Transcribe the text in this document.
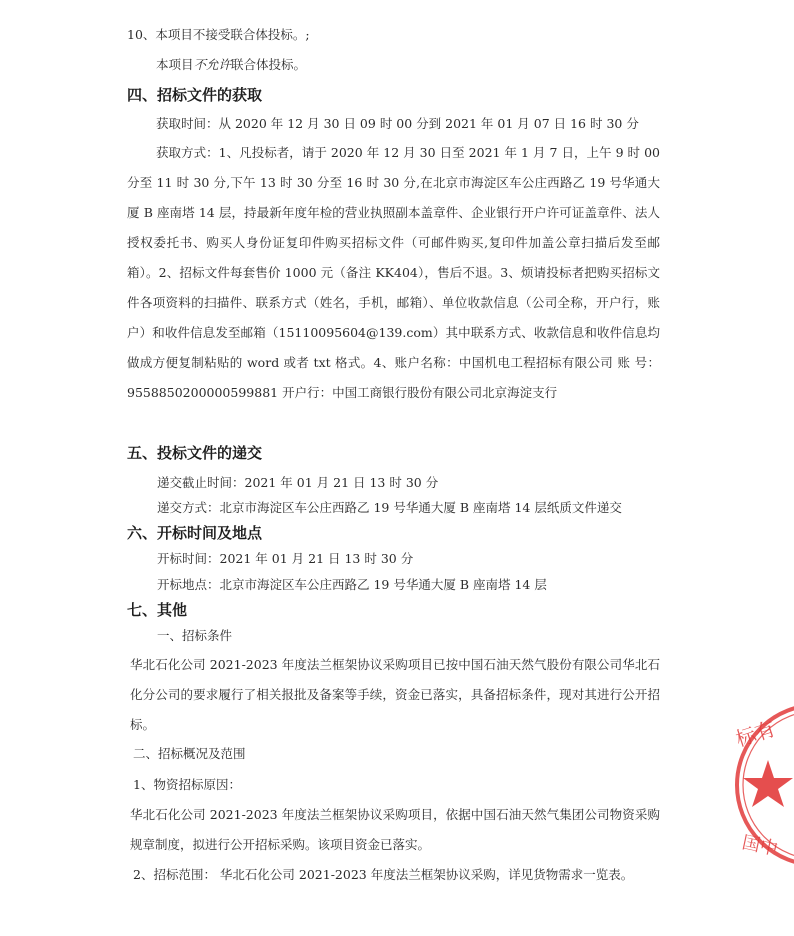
10、本项目不接受联合体投标。;
本项目不允许联合体投标。
四、招标文件的获取
获取时间：从 2020 年 12 月 30 日 09 时 00 分到 2021 年 01 月 07 日 16 时 30 分
获取方式：1、凡投标者，请于 2020 年 12 月 30 日至 2021 年 1 月 7 日，上午 9 时 00 分至 11 时 30 分,下午 13 时 30 分至 16 时 30 分,在北京市海淀区车公庄西路乙 19 号华通大厦 B 座南塔 14 层，持最新年度年检的营业执照副本盖章件、企业银行开户许可证盖章件、法人授权委托书、购买人身份证复印件购买招标文件（可邮件购买,复印件加盖公章扫描后发至邮箱）。2、招标文件每套售价 1000 元（备注 KK404），售后不退。3、烦请投标者把购买招标文件各项资料的扫描件、联系方式（姓名，手机，邮箱）、单位收款信息（公司全称，开户行，账户）和收件信息发至邮箱（15110095604@139.com）其中联系方式、收款信息和收件信息均做成方便复制粘贴的 word 或者 txt 格式。4、账户名称：中国机电工程招标有限公司 账 号：9558850200000599881 开户行：中国工商银行股份有限公司北京海淀支行
五、投标文件的递交
递交截止时间：2021 年 01 月 21 日 13 时 30 分
递交方式：北京市海淀区车公庄西路乙 19 号华通大厦 B 座南塔 14 层纸质文件递交
六、开标时间及地点
开标时间：2021 年 01 月 21 日 13 时 30 分
开标地点：北京市海淀区车公庄西路乙 19 号华通大厦 B 座南塔 14 层
七、其他
一、招标条件
华北石化公司 2021-2023 年度法兰框架协议采购项目已按中国石油天然气股份有限公司华北石化分公司的要求履行了相关报批及备案等手续，资金已落实，具备招标条件，现对其进行公开招标。
二、招标概况及范围
1、物资招标原因：
华北石化公司 2021-2023 年度法兰框架协议采购项目，依据中国石油天然气集团公司物资采购规章制度，拟进行公开招标采购。该项目资金已落实。
2、招标范围： 华北石化公司 2021-2023 年度法兰框架协议采购，详见货物需求一览表。
标有
国中
